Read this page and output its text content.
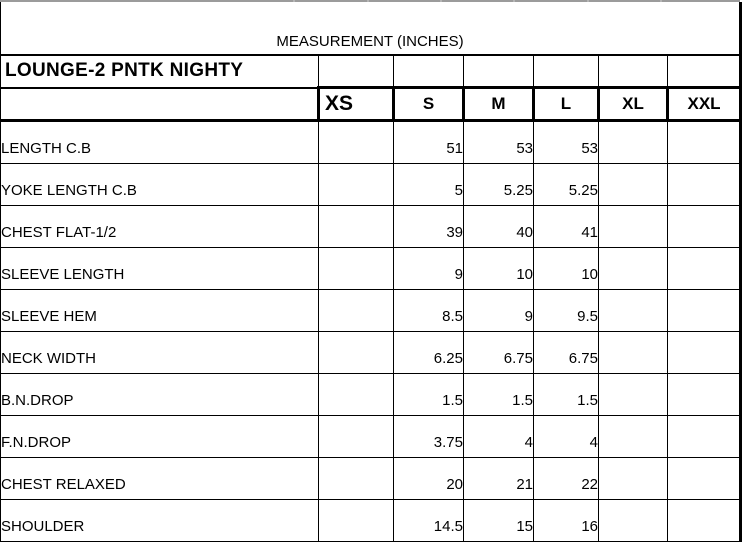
MEASUREMENT (INCHES)						
LOUNGE-2 PNTK NIGHTY						
	XS	S	M	L	XL	XXL
LENGTH C.B		51	53	53		
YOKE LENGTH C.B		5	5.25	5.25		
CHEST FLAT-1/2		39	40	41		
SLEEVE LENGTH		9	10	10		
SLEEVE HEM		8.5	9	9.5		
NECK WIDTH		6.25	6.75	6.75		
B.N.DROP		1.5	1.5	1.5		
F.N.DROP		3.75	4	4		
CHEST RELAXED		20	21	22		
SHOULDER		14.5	15	16		
